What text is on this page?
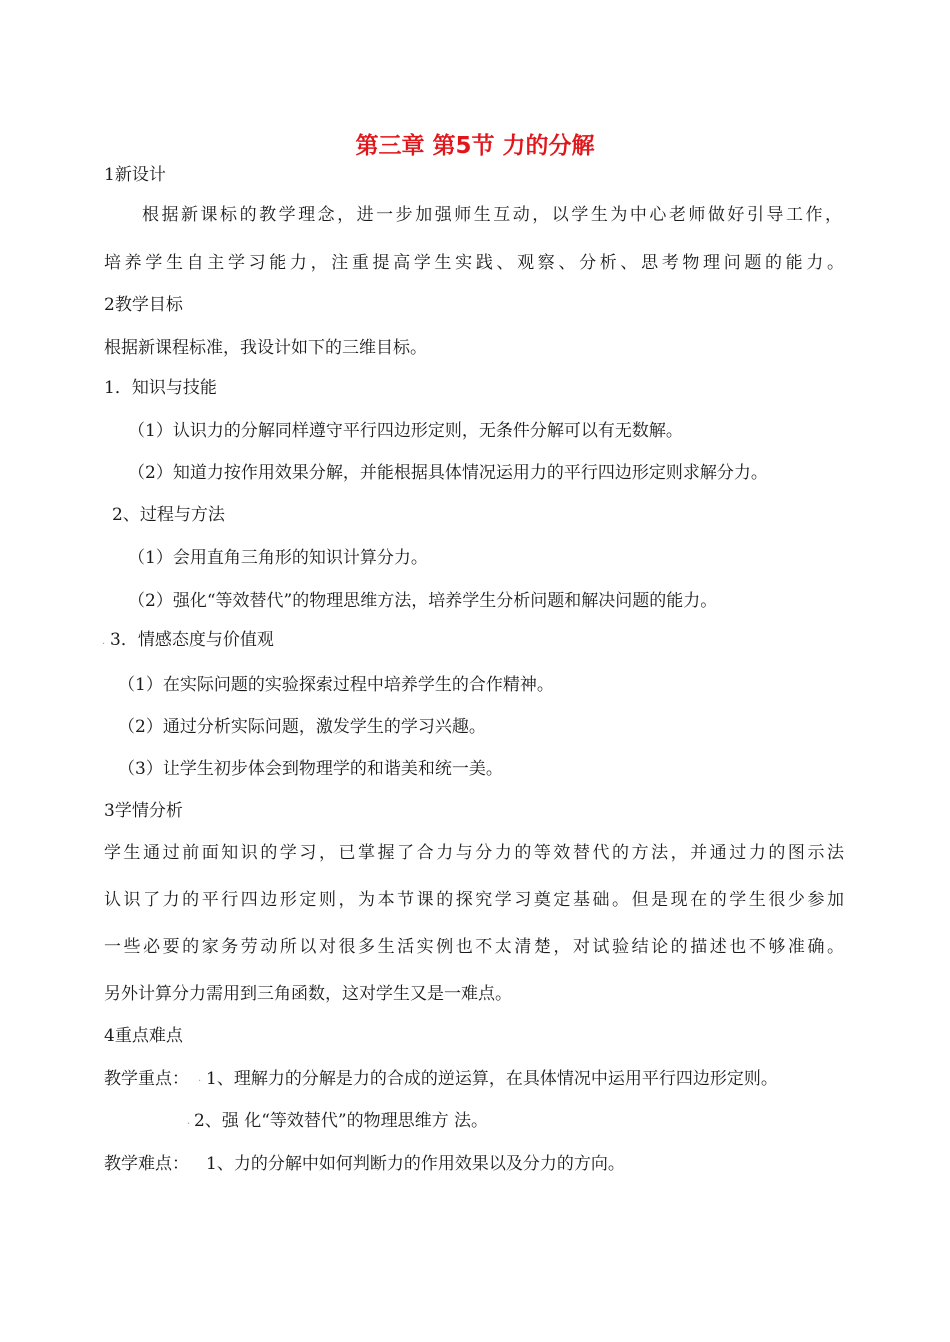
第三章 第5节 力的分解

1新设计

根据新课标的教学理念，进一步加强师生互动，以学生为中心老师做好引导工作，

培养学生自主学习能力，注重提高学生实践、观察、分析、思考物理问题的能力。

2教学目标

根据新课程标准，我设计如下的三维目标。

1．知识与技能

（1）认识力的分解同样遵守平行四边形定则，无条件分解可以有无数解。

（2）知道力按作用效果分解，并能根据具体情况运用力的平行四边形定则求解分力。

2、过程与方法

（1）会用直角三角形的知识计算分力。

（2）强化“等效替代”的物理思维方法，培养学生分析问题和解决问题的能力。

· 3．情感态度与价值观

（1）在实际问题的实验探索过程中培养学生的合作精神。

（2）通过分析实际问题，激发学生的学习兴趣。

（3）让学生初步体会到物理学的和谐美和统一美。

3学情分析

学生通过前面知识的学习，已掌握了合力与分力的等效替代的方法，并通过力的图示法

认识了力的平行四边形定则，为本节课的探究学习奠定基础。但是现在的学生很少参加

一些必要的家务劳动所以对很多生活实例也不太清楚，对试验结论的描述也不够准确。

另外计算分力需用到三角函数，这对学生又是一难点。

4重点难点

教学重点： · 1、理解力的分解是力的合成的逆运算，在具体情况中运用平行四边形定则。

· 2、强 化“等效替代”的物理思维方 法。

教学难点： 1、力的分解中如何判断力的作用效果以及分力的方向。
